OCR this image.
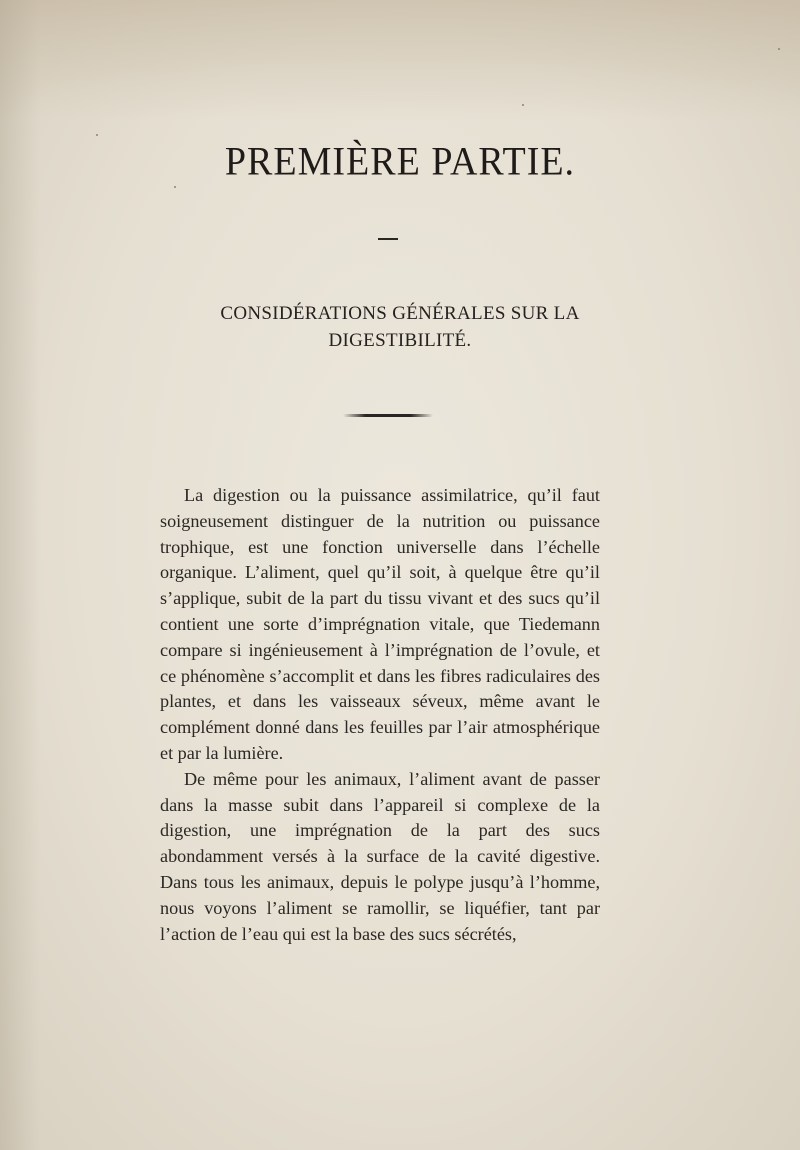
PREMIÈRE PARTIE.
CONSIDÉRATIONS GÉNÉRALES SUR LA
DIGESTIBILITÉ.

La digestion ou la puissance assimilatrice, qu’il faut soigneusement distinguer de la nutrition ou puissance trophique, est une fonction universelle dans l’échelle organique. L’aliment, quel qu’il soit, à quelque être qu’il s’applique, subit de la part du tissu vivant et des sucs qu’il contient une sorte d’imprégnation vitale, que Tiedemann compare si ingénieusement à l’imprégnation de l’ovule, et ce phénomène s’accomplit et dans les fibres radiculaires des plantes, et dans les vaisseaux séveux, même avant le complément donné dans les feuilles par l’air atmosphérique et par la lumière.

De même pour les animaux, l’aliment avant de passer dans la masse subit dans l’appareil si complexe de la digestion, une imprégnation de la part des sucs abondamment versés à la surface de la cavité digestive. Dans tous les animaux, depuis le polype jusqu’à l’homme, nous voyons l’aliment se ramollir, se liquéfier, tant par l’action de l’eau qui est la base des sucs sécrétés,
